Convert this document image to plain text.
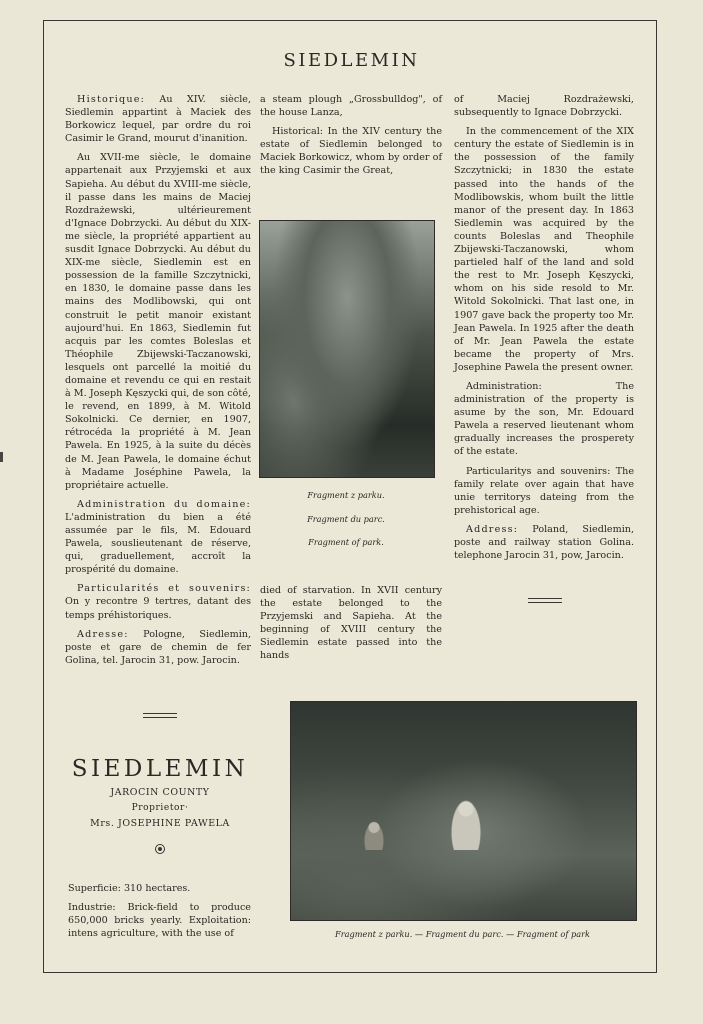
SIEDLEMIN

Historique: Au XIV. siècle, Siedlemin appartint à Maciek des Borkowicz lequel, par ordre du roi Casimir le Grand, mourut d'inanition.

Au XVII-me siècle, le domaine appartenait aux Przyjemski et aux Sapieha. Au début du XVIII-me siècle, il passe dans les mains de Maciej Rozdrażewski, ultérieurement d'Ignace Dobrzycki. Au début du XIX-me siècle, la propriété appartient au susdit Ignace Dobrzycki. Au début du XIX-me siècle, Siedlemin est en possession de la famille Szczytnicki, en 1830, le domaine passe dans les mains des Modlibowski, qui ont construit le petit manoir existant aujourd'hui. En 1863, Siedlemin fut acquis par les comtes Boleslas et Théophile Zbijewski-Taczanowski, lesquels ont parcellé la moitié du domaine et revendu ce qui en restait à M. Joseph Kęszycki qui, de son côté, le revend, en 1899, à M. Witold Sokolnicki. Ce dernier, en 1907, rétrocéda la propriété à M. Jean Pawela. En 1925, à la suite du décès de M. Jean Pawela, le domaine échut à Madame Joséphine Pawela, la propriétaire actuelle.

Administration du domaine: L'administration du bien a été assumée par le fils, M. Edouard Pawela, souslieutenant de réserve, qui, graduellement, accroît la prospérité du domaine.

Particularités et souvenirs: On y recontre 9 tertres, datant des temps préhistoriques.

Adresse: Pologne, Siedlemin, poste et gare de chemin de fer Golina, tel. Jarocin 31, pow. Jarocin.

a steam plough „Grossbulldog", of the house Lanza,

Historical: In the XIV century the estate of Siedlemin belonged to Maciek Borkowicz, whom by order of the king Casimir the Great,

Fragment z parku.
Fragment du parc.
Fragment of park.

died of starvation. In XVII century the estate belonged to the Przyjemski and Sapieha. At the beginning of XVIII century the Siedlemin estate passed into the hands

of Maciej Rozdrażewski, subsequently to Ignace Dobrzycki.

In the commencement of the XIX century the estate of Siedlemin is in the possession of the family Szczytnicki; in 1830 the estate passed into the hands of the Modlibowskis, whom built the little manor of the present day. In 1863 Siedlemin was acquired by the counts Boleslas and Theophile Zbijewski-Taczanowski, whom partieled half of the land and sold the rest to Mr. Joseph Kęszycki, whom on his side resold to Mr. Witold Sokolnicki. That last one, in 1907 gave back the property too Mr. Jean Pawela. In 1925 after the death of Mr. Jean Pawela the estate became the property of Mrs. Josephine Pawela the present owner.

Administration: The administration of the property is asume by the son, Mr. Edouard Pawela a reserved lieutenant whom gradually increases the prosperety of the estate.

Particularitys and souvenirs: The family relate over again that have unie territorys dateing from the prehistorical age.

Address: Poland, Siedlemin, poste and railway station Golina. telephone Jarocin 31, pow, Jarocin.

SIEDLEMIN
JAROCIN COUNTY
Proprietor·
Mrs. JOSEPHINE PAWELA

Superficie: 310 hectares.

Industrie: Brick-field to produce 650,000 bricks yearly. Exploitation: intens agriculture, with the use of	Fragment z parku. — Fragment du parc. — Fragment of park
